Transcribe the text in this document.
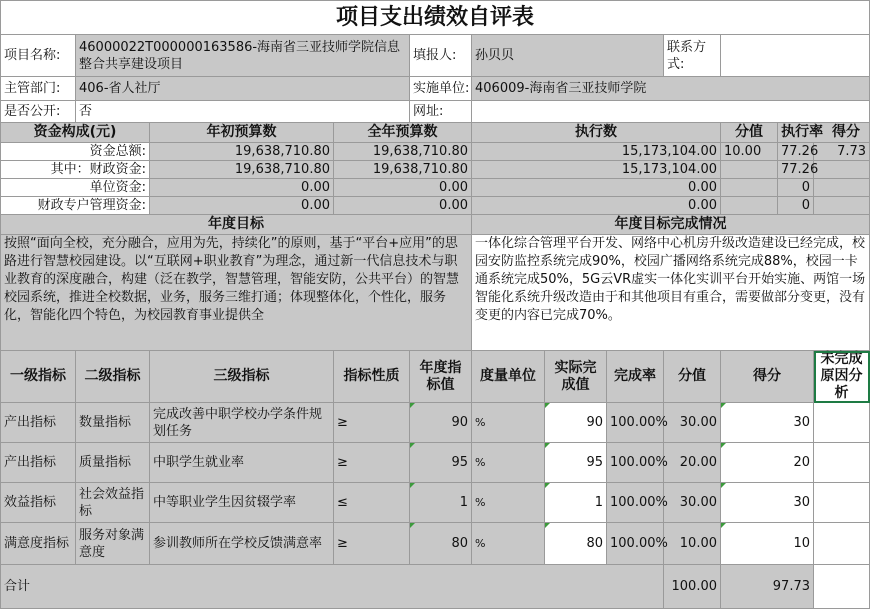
项目支出绩效自评表											
项目名称:	46000022T000000163586-海南省三亚技师学院信息整合共享建设项目			填报人:	孙贝贝			联系方式:			
主管部门:	406-省人社厅			实施单位:	406009-海南省三亚技师学院						
是否公开:	否			网址:							
资金构成(元)		年初预算数	全年预算数		执行数				分值	执行率 得分	
资金总额:		19,638,710.80	19,638,710.80		15,173,104.00				10.00	77.26	7.73
其中：财政资金:		19,638,710.80	19,638,710.80		15,173,104.00					77.26	
单位资金:		0.00	0.00		0.00					0	
财政专户管理资金:		0.00	0.00		0.00					0	
年度目标					年度目标完成情况						
按照“面向全校，充分融合，应用为先，持续化”的原则，基于“平台+应用”的思路进行智慧校园建设。以“互联网+职业教育”为理念，通过新一代信息技术与职业教育的深度融合，构建（泛在教学，智慧管理，智能安防，公共平台）的智慧校园系统，推进全校数据，业务，服务三维打通；体现整体化，个性化，服务化，智能化四个特色，为校园教育事业提供全					一体化综合管理平台开发、网络中心机房升级改造建设已经完成，校园安防监控系统完成90%，校园广播网络系统完成88%，校园一卡通系统完成50%，5G云VR虚实一体化实训平台开始实施、两馆一场智能化系统升级改造由于和其他项目有重合，需要做部分变更，没有变更的内容已完成70%。						
一级指标	二级指标	三级指标	指标性质	年度指标值	度量单位	实际完成值	完成率	分值	得分		未完成原因分析
产出指标	数量指标	完成改善中职学校办学条件规划任务	≥	90	%	90	100.00%	30.00	30		
产出指标	质量指标	中职学生就业率	≥	95	%	95	100.00%	20.00	20		
效益指标	社会效益指标	中等职业学生因贫辍学率	≤	1	%	1	100.00%	30.00	30		
满意度指标	服务对象满意度	参训教师所在学校反馈满意率	≥	80	%	80	100.00%	10.00	10		
合计								100.00	97.73		
